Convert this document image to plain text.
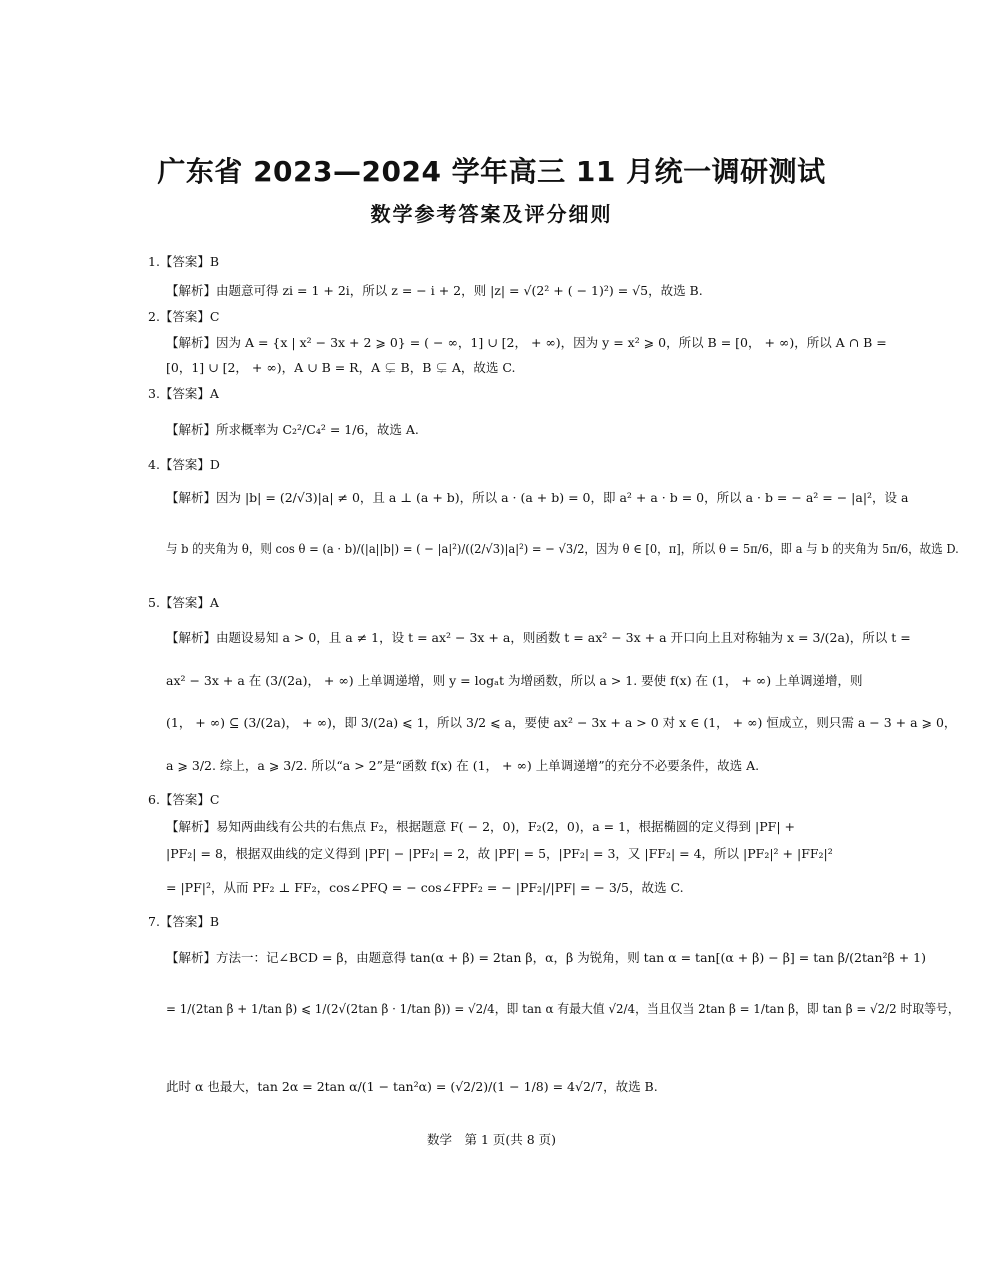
广东省 2023—2024 学年高三 11 月统一调研测试
数学参考答案及评分细则
1.【答案】B
【解析】由题意可得 zi = 1 + 2i，所以 z = − i + 2，则 |z| = √(2² + ( − 1)²) = √5，故选 B.
2.【答案】C
【解析】因为 A = {x | x² − 3x + 2 ⩾ 0} = ( − ∞，1] ∪ [2， + ∞)，因为 y = x² ⩾ 0，所以 B = [0， + ∞)，所以 A ∩ B =
[0，1] ∪ [2， + ∞)，A ∪ B = R，A ⊊ B，B ⊊ A，故选 C.
3.【答案】A
【解析】所求概率为 C₂²/C₄² = 1/6，故选 A.
4.【答案】D
【解析】因为 |b| = (2/√3)|a| ≠ 0，且 a ⊥ (a + b)，所以 a · (a + b) = 0，即 a² + a · b = 0，所以 a · b = − a² = − |a|²，设 a
与 b 的夹角为 θ，则 cos θ = (a · b)/(|a||b|) = ( − |a|²)/((2/√3)|a|²) = − √3/2，因为 θ ∈ [0，π]，所以 θ = 5π/6，即 a 与 b 的夹角为 5π/6，故选 D.
5.【答案】A
【解析】由题设易知 a > 0，且 a ≠ 1，设 t = ax² − 3x + a，则函数 t = ax² − 3x + a 开口向上且对称轴为 x = 3/(2a)，所以 t =
ax² − 3x + a 在 (3/(2a)， + ∞) 上单调递增，则 y = logₐt 为增函数，所以 a > 1. 要使 f(x) 在 (1， + ∞) 上单调递增，则
(1， + ∞) ⊆ (3/(2a)， + ∞)，即 3/(2a) ⩽ 1，所以 3/2 ⩽ a，要使 ax² − 3x + a > 0 对 x ∈ (1， + ∞) 恒成立，则只需 a − 3 + a ⩾ 0，
a ⩾ 3/2. 综上，a ⩾ 3/2. 所以“a > 2”是“函数 f(x) 在 (1， + ∞) 上单调递增”的充分不必要条件，故选 A.
6.【答案】C
【解析】易知两曲线有公共的右焦点 F₂，根据题意 F( − 2，0)，F₂(2，0)，a = 1，根据椭圆的定义得到 |PF| +
|PF₂| = 8，根据双曲线的定义得到 |PF| − |PF₂| = 2，故 |PF| = 5，|PF₂| = 3，又 |FF₂| = 4，所以 |PF₂|² + |FF₂|²
= |PF|²，从而 PF₂ ⊥ FF₂，cos∠PFQ = − cos∠FPF₂ = − |PF₂|/|PF| = − 3/5，故选 C.
7.【答案】B
【解析】方法一：记∠BCD = β，由题意得 tan(α + β) = 2tan β，α，β 为锐角，则 tan α = tan[(α + β) − β] = tan β/(2tan²β + 1)
= 1/(2tan β + 1/tan β) ⩽ 1/(2√(2tan β · 1/tan β)) = √2/4，即 tan α 有最大值 √2/4，当且仅当 2tan β = 1/tan β，即 tan β = √2/2 时取等号，
此时 α 也最大，tan 2α = 2tan α/(1 − tan²α) = (√2/2)/(1 − 1/8) = 4√2/7，故选 B.
数学　第 1 页(共 8 页)
